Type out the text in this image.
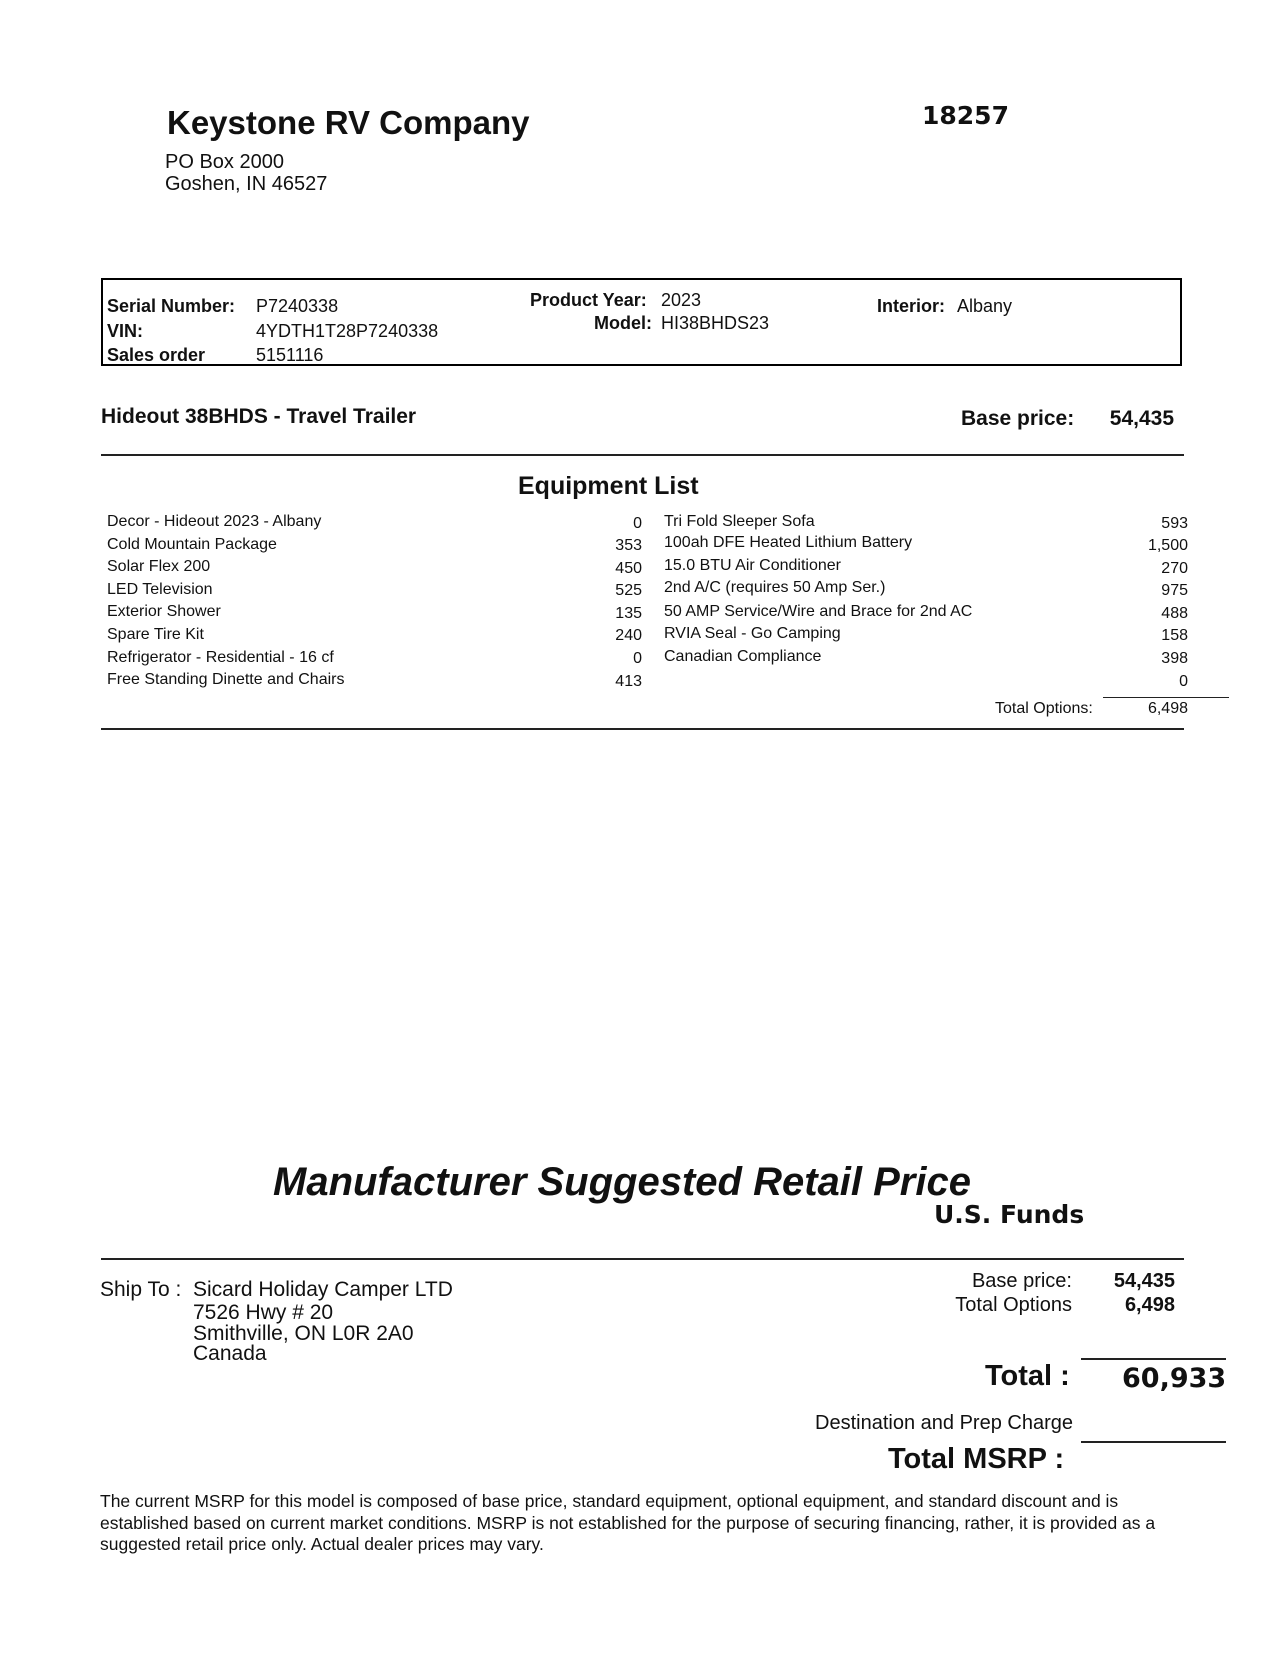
Keystone RV Company
PO Box 2000
Goshen, IN 46527
18257
Serial Number: P7240338
VIN:	4YDTH1T28P7240338
Sales order	5151116
Product Year: 2023
Model: HI38BHDS23
Interior: Albany
Hideout 38BHDS - Travel Trailer	Base price: 54,435
Equipment List
Decor - Hideout 2023 - Albany	0
Cold Mountain Package	353
Solar Flex 200	450
LED Television	525
Exterior Shower	135
Spare Tire Kit	240
Refrigerator - Residential - 16 cf	0
Free Standing Dinette and Chairs	413
Tri Fold Sleeper Sofa	593
100ah DFE Heated Lithium Battery	1,500
15.0 BTU Air Conditioner	270
2nd A/C (requires 50 Amp Ser.)	975
50 AMP Service/Wire and Brace for 2nd AC	488
RVIA Seal - Go Camping	158
Canadian Compliance	398
0
Total Options:	6,498
Manufacturer Suggested Retail Price
U.S. Funds
Ship To : Sicard Holiday Camper LTD
7526 Hwy # 20
Smithville, ON L0R 2A0
Canada
Base price: 54,435
Total Options	6,498
Total : 60,933
Destination and Prep Charge
Total MSRP :
The current MSRP for this model is composed of base price, standard equipment, optional equipment, and standard discount and is established based on current market conditions. MSRP is not established for the purpose of securing financing, rather, it is provided as a suggested retail price only. Actual dealer prices may vary.
